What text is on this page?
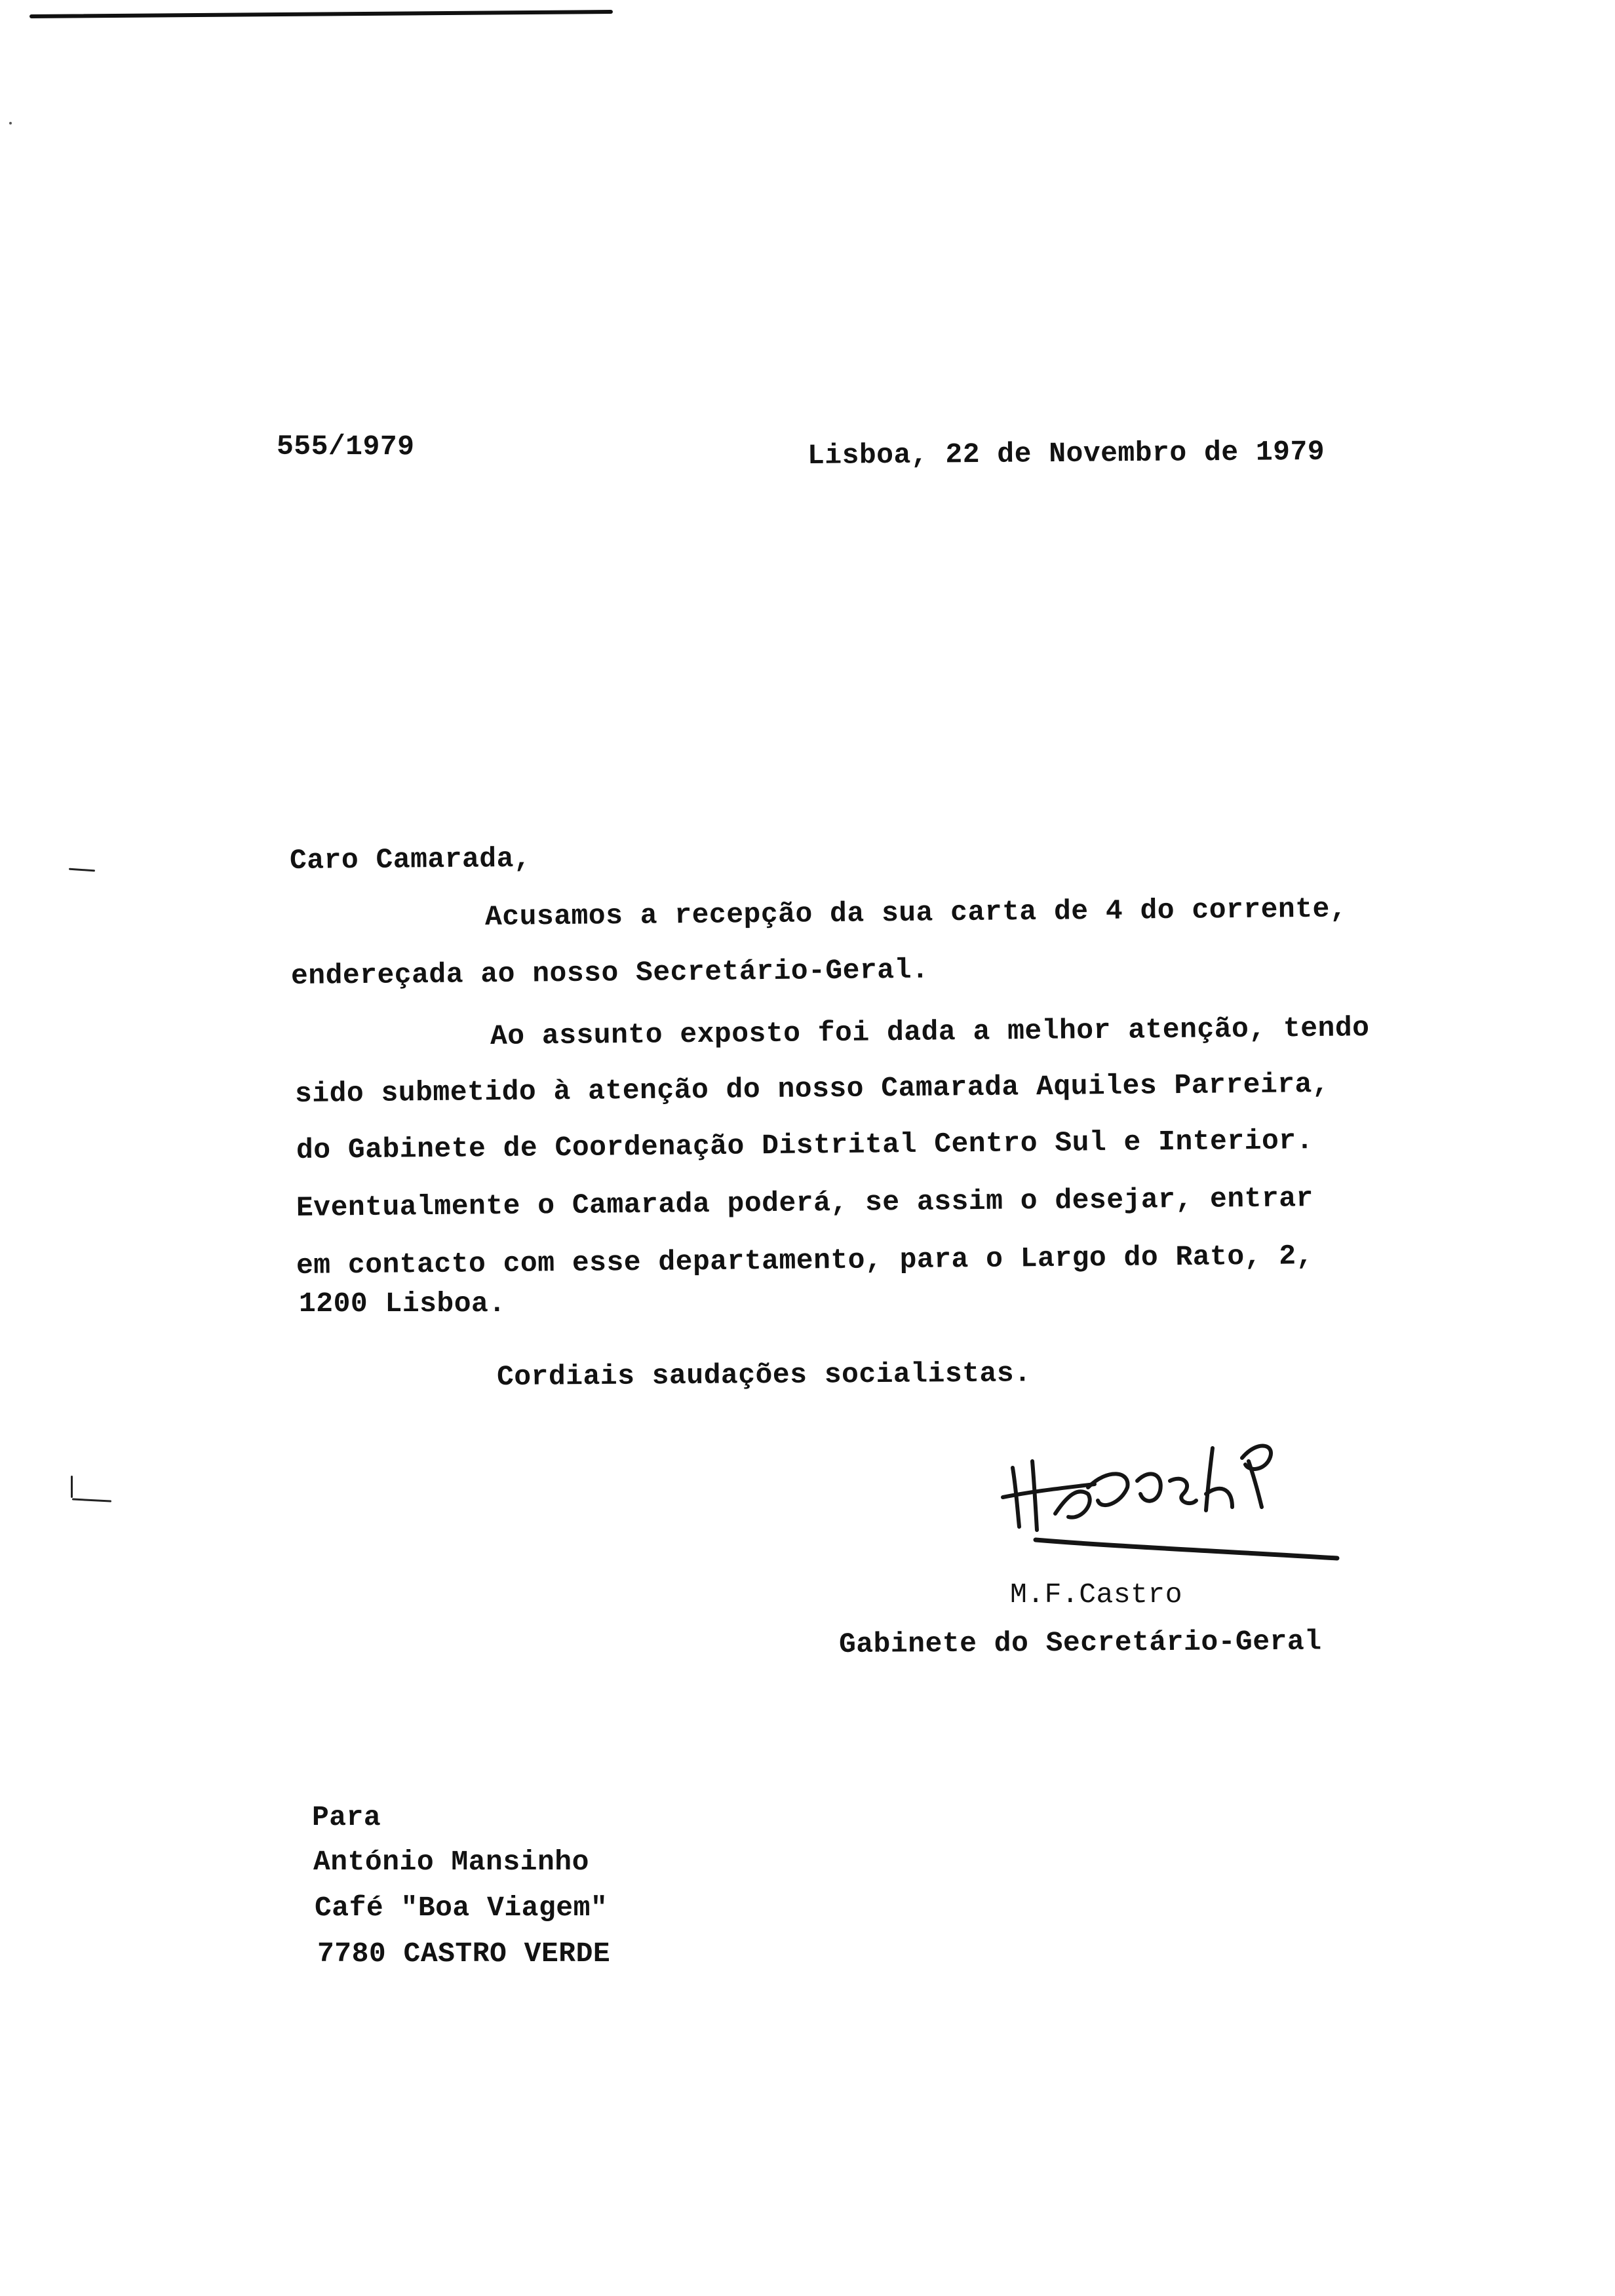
555/1979	Lisboa, 22 de Novembro de 1979
Caro Camarada,
Acusamos a recepção da sua carta de 4 do corrente,
endereçada ao nosso Secretário-Geral.
Ao assunto exposto foi dada a melhor atenção, tendo
sido submetido à atenção do nosso Camarada Aquiles Parreira,
do Gabinete de Coordenação Distrital Centro Sul e Interior.
Eventualmente o Camarada poderá, se assim o desejar, entrar
em contacto com esse departamento, para o Largo do Rato, 2,
1200 Lisboa.
Cordiais saudações socialistas.
M.F.Castro
Gabinete do Secretário-Geral
Para
António Mansinho
Café "Boa Viagem"
7780 CASTRO VERDE
